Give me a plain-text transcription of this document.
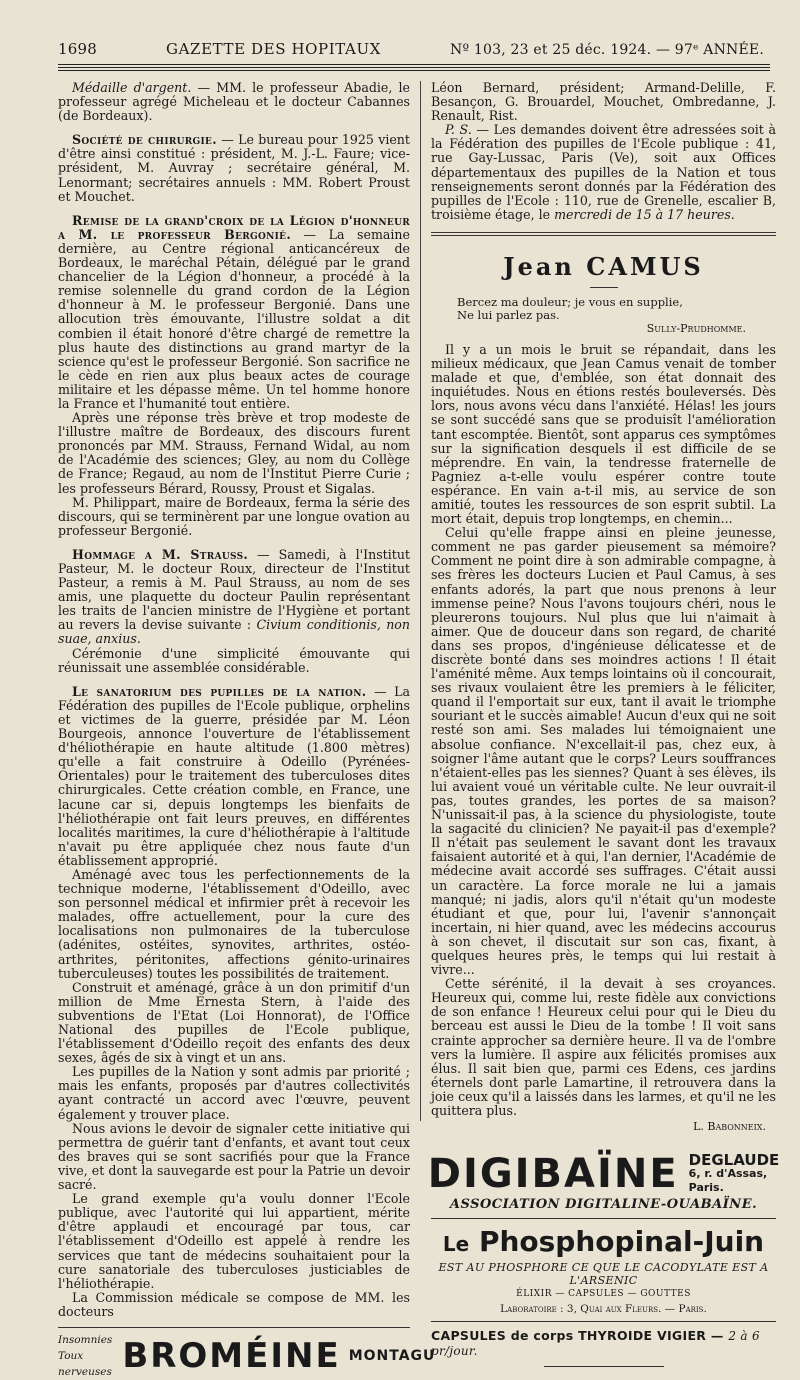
1698	GAZETTE DES HOPITAUX	Nº 103, 23 et 25 déc. 1924. — 97ᵉ ANNÉE.

Médaille d'argent. — MM. le professeur Abadie, le professeur agrégé Micheleau et le docteur Cabannes (de Bordeaux).

Société de chirurgie. — Le bureau pour 1925 vient d'être ainsi constitué : président, M. J.-L. Faure; vice-président, M. Auvray ; secrétaire général, M. Lenormant; secrétaires annuels : MM. Robert Proust et Mouchet.

Remise de la grand'croix de la Légion d'honneur a M. le professeur Bergonié. — La semaine dernière, au Centre régional anticancéreux de Bordeaux, le maréchal Pétain, délégué par le grand chancelier de la Légion d'honneur, a procédé à la remise solennelle du grand cordon de la Légion d'honneur à M. le professeur Bergonié. Dans une allocution très émouvante, l'illustre soldat a dit combien il était honoré d'être chargé de remettre la plus haute des distinctions au grand martyr de la science qu'est le professeur Bergonié. Son sacrifice ne le cède en rien aux plus beaux actes de courage militaire et les dépasse même. Un tel homme honore la France et l'humanité tout entière.

Après une réponse très brève et trop modeste de l'illustre maître de Bordeaux, des discours furent prononcés par MM. Strauss, Fernand Widal, au nom de l'Académie des sciences; Gley, au nom du Collège de France; Regaud, au nom de l'Institut Pierre Curie ; les professeurs Bérard, Roussy, Proust et Sigalas.

M. Philippart, maire de Bordeaux, ferma la série des discours, qui se terminèrent par une longue ovation au professeur Bergonié.

Hommage a M. Strauss. — Samedi, à l'Institut Pasteur, M. le docteur Roux, directeur de l'Institut Pasteur, a remis à M. Paul Strauss, au nom de ses amis, une plaquette du docteur Paulin représentant les traits de l'ancien ministre de l'Hygiène et portant au revers la devise suivante : Civium conditionis, non suae, anxius.

Cérémonie d'une simplicité émouvante qui réunissait une assemblée considérable.

Le sanatorium des pupilles de la nation. — La Fédération des pupilles de l'Ecole publique, orphelins et victimes de la guerre, présidée par M. Léon Bourgeois, annonce l'ouverture de l'établissement d'héliothérapie en haute altitude (1.800 mètres) qu'elle a fait construire à Odeillo (Pyrénées-Orientales) pour le traitement des tuberculoses dites chirurgicales. Cette création comble, en France, une lacune car si, depuis longtemps les bienfaits de l'héliothérapie ont fait leurs preuves, en différentes localités maritimes, la cure d'héliothérapie à l'altitude n'avait pu être appliquée chez nous faute d'un établissement approprié.

Aménagé avec tous les perfectionnements de la technique moderne, l'établissement d'Odeillo, avec son personnel médical et infirmier prêt à recevoir les malades, offre actuellement, pour la cure des localisations non pulmonaires de la tuberculose (adénites, ostéites, synovites, arthrites, ostéo-arthrites, péritonites, affections génito-urinaires tuberculeuses) toutes les possibilités de traitement.

Construit et aménagé, grâce à un don primitif d'un million de Mme Ernesta Stern, à l'aide des subventions de l'Etat (Loi Honnorat), de l'Office National des pupilles de l'Ecole publique, l'établissement d'Odeillo reçoit des enfants des deux sexes, âgés de six à vingt et un ans.

Les pupilles de la Nation y sont admis par priorité ; mais les enfants, proposés par d'autres collectivités ayant contracté un accord avec l'œuvre, peuvent également y trouver place.

Nous avions le devoir de signaler cette initiative qui permettra de guérir tant d'enfants, et avant tout ceux des braves qui se sont sacrifiés pour que la France vive, et dont la sauvegarde est pour la Patrie un devoir sacré.

Le grand exemple qu'a voulu donner l'Ecole publique, avec l'autorité qui lui appartient, mérite d'être applaudi et encouragé par tous, car l'établissement d'Odeillo est appelé à rendre les services que tant de médecins souhaitaient pour la cure sanatoriale des tuberculoses justiciables de l'héliothérapie.

La Commission médicale se compose de MM. les docteurs

Insomnies
Toux nerveuses BROMÉINE MONTAGU

Léon Bernard, président; Armand-Delille, F. Besançon, G. Brouardel, Mouchet, Ombredanne, J. Renault, Rist.

P. S. — Les demandes doivent être adressées soit à la Fédération des pupilles de l'Ecole publique : 41, rue Gay-Lussac, Paris (Ve), soit aux Offices départementaux des pupilles de la Nation et tous renseignements seront donnés par la Fédération des pupilles de l'Ecole : 110, rue de Grenelle, escalier B, troisième étage, le mercredi de 15 à 17 heures.

Jean CAMUS
Bercez ma douleur; je vous en supplie,
Ne lui parlez pas.
Sully-Prudhomme.

Il y a un mois le bruit se répandait, dans les milieux médicaux, que Jean Camus venait de tomber malade et que, d'emblée, son état donnait des inquiétudes. Nous en étions restés bouleversés. Dès lors, nous avons vécu dans l'anxiété. Hélas! les jours se sont succédé sans que se produisît l'amélioration tant escomptée. Bientôt, sont apparus ces symptômes sur la signification desquels il est difficile de se méprendre. En vain, la tendresse fraternelle de Pagniez a-t-elle voulu espérer contre toute espérance. En vain a-t-il mis, au service de son amitié, toutes les ressources de son esprit subtil. La mort était, depuis trop longtemps, en chemin...

Celui qu'elle frappe ainsi en pleine jeunesse, comment ne pas garder pieusement sa mémoire? Comment ne point dire à son admirable compagne, à ses frères les docteurs Lucien et Paul Camus, à ses enfants adorés, la part que nous prenons à leur immense peine? Nous l'avons toujours chéri, nous le pleurerons toujours. Nul plus que lui n'aimait à aimer. Que de douceur dans son regard, de charité dans ses propos, d'ingénieuse délicatesse et de discrète bonté dans ses moindres actions ! Il était l'aménité même. Aux temps lointains où il concourait, ses rivaux voulaient être les premiers à le féliciter, quand il l'emportait sur eux, tant il avait le triomphe souriant et le succès aimable! Aucun d'eux qui ne soit resté son ami. Ses malades lui témoignaient une absolue confiance. N'excellait-il pas, chez eux, à soigner l'âme autant que le corps? Leurs souffrances n'étaient-elles pas les siennes? Quant à ses élèves, ils lui avaient voué un véritable culte. Ne leur ouvrait-il pas, toutes grandes, les portes de sa maison? N'unissait-il pas, à la science du physiologiste, toute la sagacité du clinicien? Ne payait-il pas d'exemple? Il n'était pas seulement le savant dont les travaux faisaient autorité et à qui, l'an dernier, l'Académie de médecine avait accordé ses suffrages. C'était aussi un caractère. La force morale ne lui a jamais manqué; ni jadis, alors qu'il n'était qu'un modeste étudiant et que, pour lui, l'avenir s'annonçait incertain, ni hier quand, avec les médecins accourus à son chevet, il discutait sur son cas, fixant, à quelques heures près, le temps qui lui restait à vivre...

Cette sérénité, il la devait à ses croyances. Heureux qui, comme lui, reste fidèle aux convictions de son enfance ! Heureux celui pour qui le Dieu du berceau est aussi le Dieu de la tombe ! Il voit sans crainte approcher sa dernière heure. Il va de l'ombre vers la lumière. Il aspire aux félicités promises aux élus. Il sait bien que, parmi ces Edens, ces jardins éternels dont parle Lamartine, il retrouvera dans la joie ceux qu'il a laissés dans les larmes, et qu'il ne les quittera plus.

L. Babonneix.
DIGIBAÏNE DEGLAUDE
6, r. d'Assas, Paris.
ASSOCIATION DIGITALINE-OUABAÏNE.
Le Phosphopinal-Juin
EST AU PHOSPHORE CE QUE LE CACODYLATE EST A L'ARSENIC
ÉLIXIR — CAPSULES — GOUTTES
Laboratoire : 3, Quai aux Fleurs. — Paris.
CAPSULES de corps THYROIDE VIGIER — 2 à 6 pr/jour.
